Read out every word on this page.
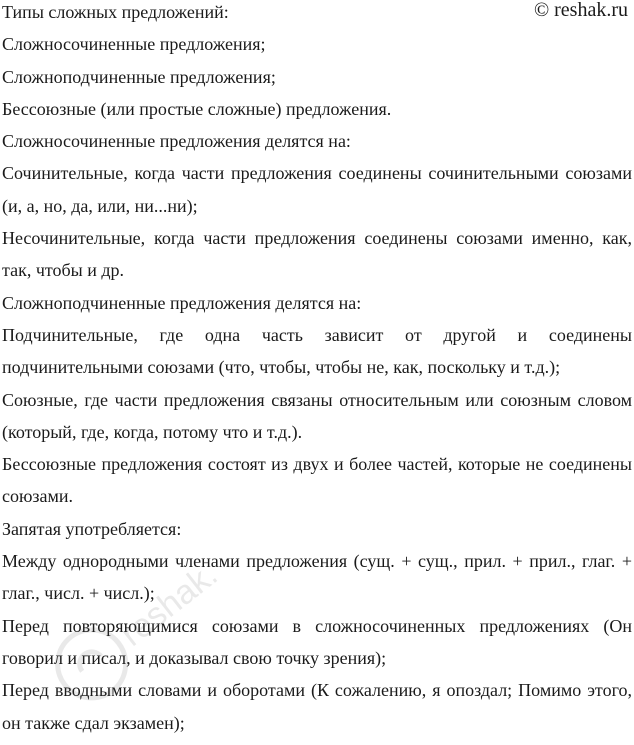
© reshak.ru

Типы сложных предложений:

Сложносочиненные предложения;

Сложноподчиненные предложения;

Бессоюзные (или простые сложные) предложения.

Сложносочиненные предложения делятся на:

Сочинительные, когда части предложения соединены сочинительными союзами (и, а, но, да, или, ни...ни);

Несочинительные, когда части предложения соединены союзами именно, как, так, чтобы и др.

Сложноподчиненные предложения делятся на:

Подчинительные, где одна часть зависит от другой и соединены подчинительными союзами (что, чтобы, чтобы не, как, поскольку и т.д.);

Союзные, где части предложения связаны относительным или союзным словом (который, где, когда, потому что и т.д.).

Бессоюзные предложения состоят из двух и более частей, которые не соединены союзами.

Запятая употребляется:

Между однородными членами предложения (сущ. + сущ., прил. + прил., глаг. + глаг., числ. + числ.);

Перед повторяющимися союзами в сложносочиненных предложениях (Он говорил и писал, и доказывал свою точку зрения);

Перед вводными словами и оборотами (К сожалению, я опоздал; Помимо этого, он также сдал экзамен);

reshak.ru
